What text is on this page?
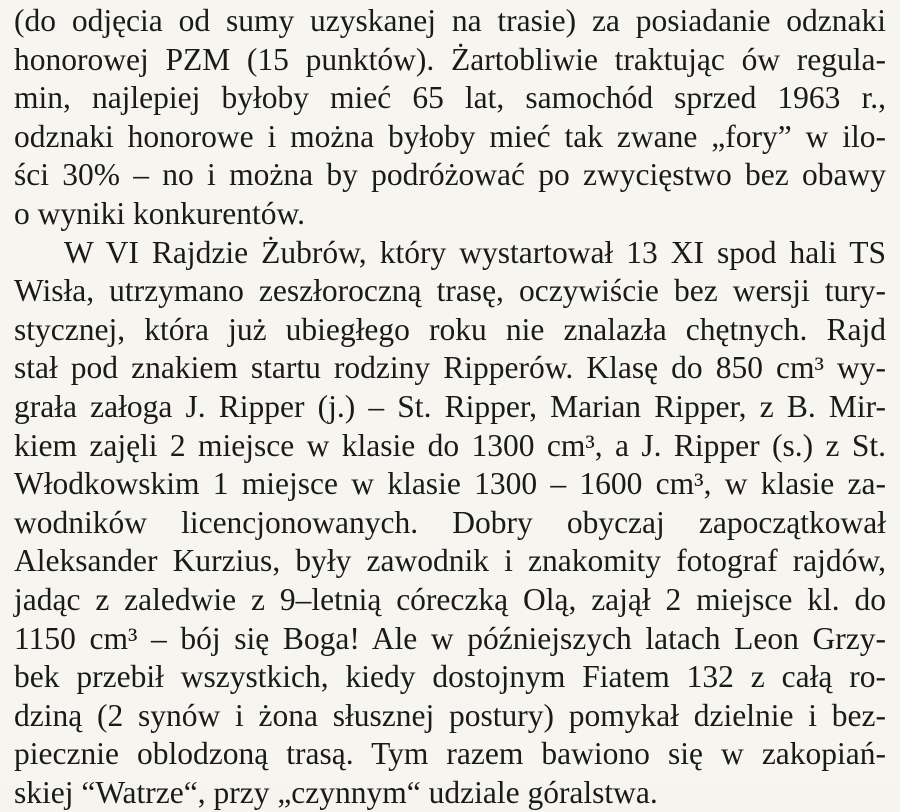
(do odjęcia od sumy uzyskanej na trasie) za posiadanie odznaki
honorowej PZM (15 punktów). Żartobliwie traktując ów regula-
min, najlepiej byłoby mieć 65 lat, samochód sprzed 1963 r.,
odznaki honorowe i można byłoby mieć tak zwane „fory” w ilo-
ści 30% – no i można by podróżować po zwycięstwo bez obawy
o wyniki konkurentów.
W VI Rajdzie Żubrów, który wystartował 13 XI spod hali TS
Wisła, utrzymano zeszłoroczną trasę, oczywiście bez wersji tury-
stycznej, która już ubiegłego roku nie znalazła chętnych. Rajd
stał pod znakiem startu rodziny Ripperów. Klasę do 850 cm³ wy-
grała załoga J. Ripper (j.) – St. Ripper, Marian Ripper, z B. Mir-
kiem zajęli 2 miejsce w klasie do 1300 cm³, a J. Ripper (s.) z St.
Włodkowskim 1 miejsce w klasie 1300 – 1600 cm³, w klasie za-
wodników licencjonowanych. Dobry obyczaj zapoczątkował
Aleksander Kurzius, były zawodnik i znakomity fotograf rajdów,
jadąc z zaledwie z 9–letnią córeczką Olą, zajął 2 miejsce kl. do
1150 cm³ – bój się Boga! Ale w późniejszych latach Leon Grzy-
bek przebił wszystkich, kiedy dostojnym Fiatem 132 z całą ro-
dziną (2 synów i żona słusznej postury) pomykał dzielnie i bez-
piecznie oblodzoną trasą. Tym razem bawiono się w zakopiań-
skiej “Watrze“, przy „czynnym“ udziale góralstwa.
